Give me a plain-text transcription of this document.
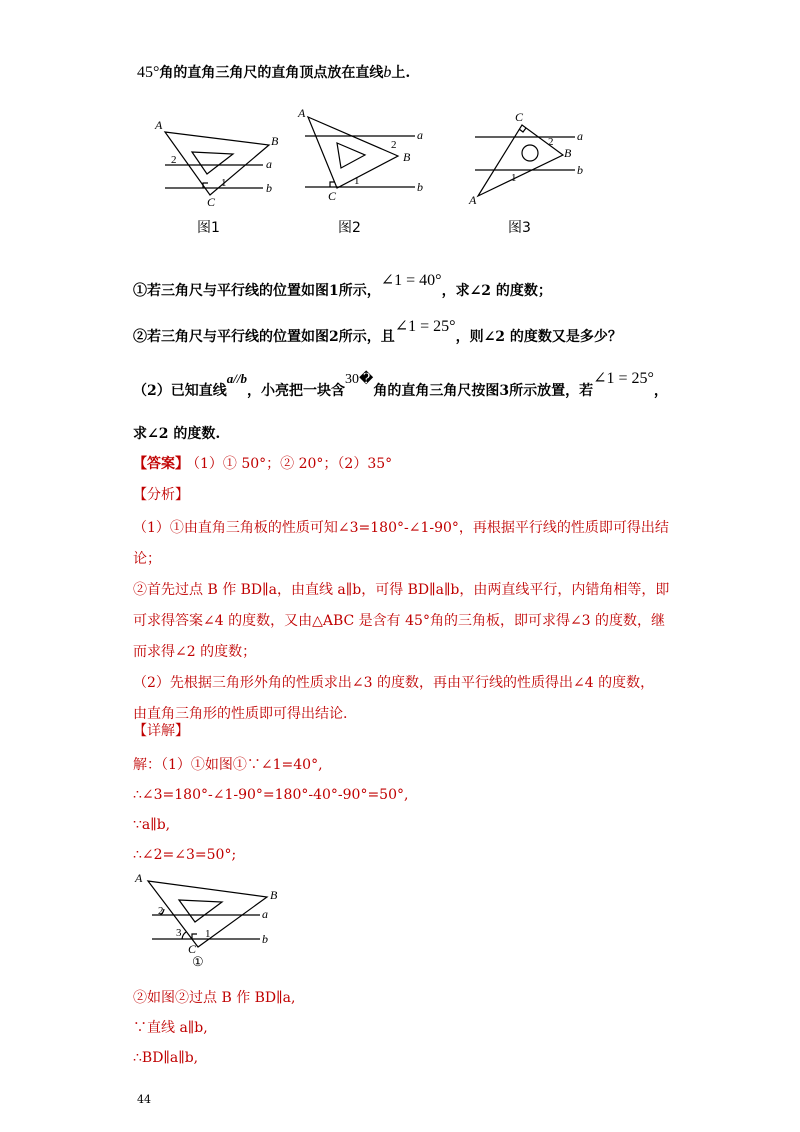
45°角的直角三角尺的直角顶点放在直线b上.
A
B
C
a
b
2
1
图1
A
B
C
a
b
2
1
图2
C
B
A
a
b
2
1
图3
①若三角尺与平行线的位置如图1所示，∠1 = 40°，求∠2 的度数；
②若三角尺与平行线的位置如图2所示，且∠1 = 25°，则∠2 的度数又是多少？
（2）已知直线a//b，小亮把一块含30�角的直角三角尺按图3所示放置，若∠1 = 25°，
求∠2 的度数.
【答案】 （1）① 50°；② 20°；（2）35°
【分析】
（1）①由直角三角板的性质可知∠3=180°-∠1-90°，再根据平行线的性质即可得出结
论；
②首先过点 B 作 BD∥a，由直线 a∥b，可得 BD∥a∥b，由两直线平行，内错角相等，即
可求得答案∠4 的度数，又由△ABC 是含有 45°角的三角板，即可求得∠3 的度数，继
而求得∠2 的度数；
（2）先根据三角形外角的性质求出∠3 的度数，再由平行线的性质得出∠4 的度数，
由直角三角形的性质即可得出结论.
【详解】
解：（1）①如图①∵∠1=40°,
∴∠3=180°-∠1-90°=180°-40°-90°=50°,
∵a∥b,
∴∠2=∠3=50°;
A
B
C
a
b
2
3 1
①
②如图②过点 B 作 BD∥a,
∵直线 a∥b,
∴BD∥a∥b,
44
